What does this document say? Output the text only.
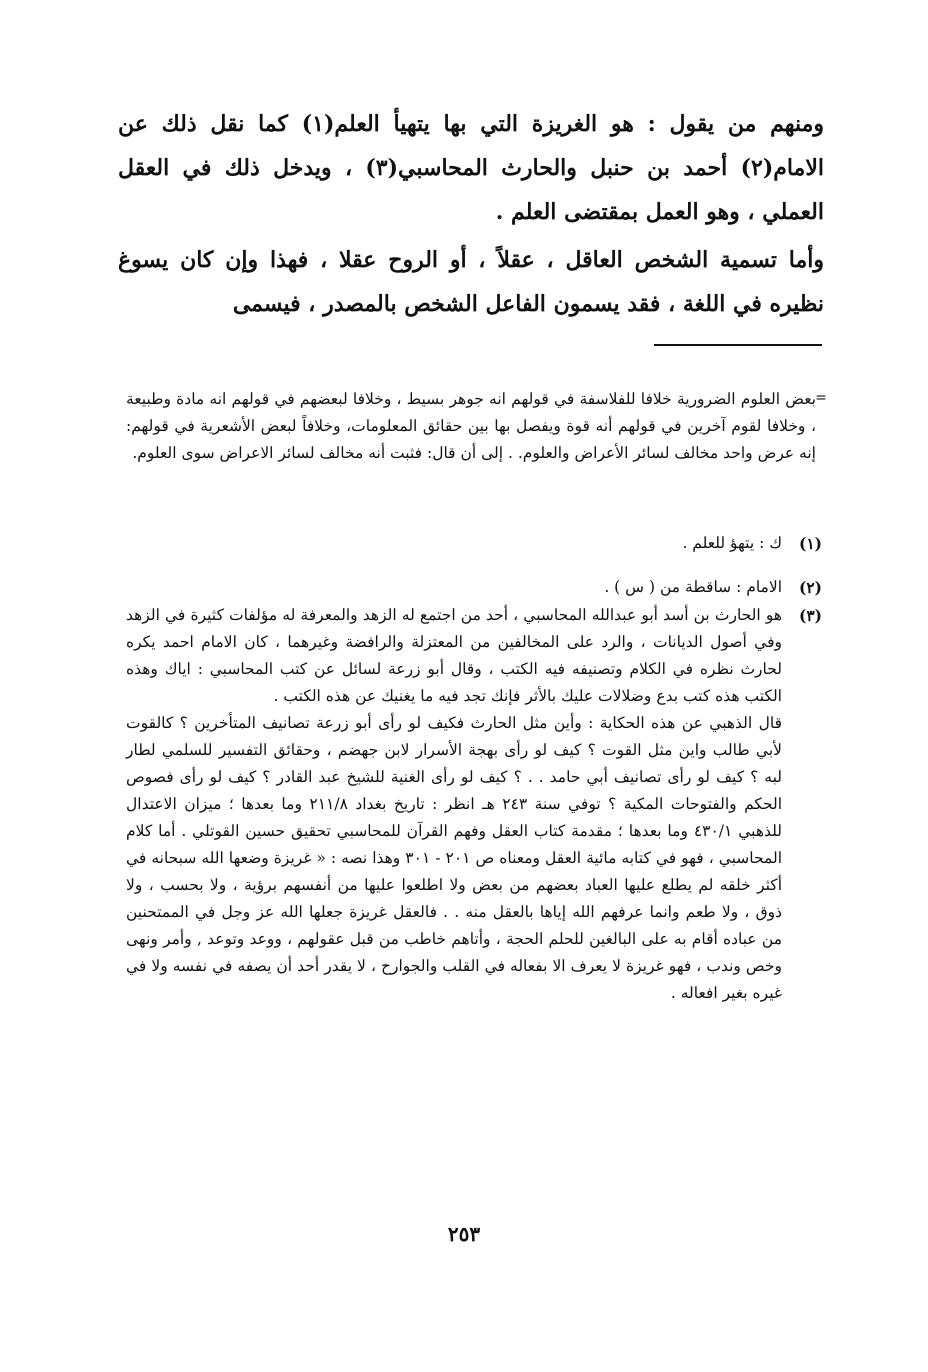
ومنهم من يقول : هو الغريزة التي بها يتهيأ العلم(١) كما نقل ذلك عن الامام(٢) أحمد بن حنبل والحارث المحاسبي(٣) ، ويدخل ذلك في العقل العملي ، وهو العمل بمقتضى العلم .

وأما تسمية الشخص العاقل ، عقلاً ، أو الروح عقلا ، فهذا وإن كان يسوغ نظيره في اللغة ، فقد يسمون الفاعل الشخص بالمصدر ، فيسمى

=
بعض العلوم الضرورية خلافا للفلاسفة في قولهم انه جوهر بسيط ، وخلافا لبعضهم في قولهم انه مادة وطبيعة ، وخلافا لقوم آخرين في قولهم أنه قوة ويفصل بها بين حقائق المعلومات، وخلافاً لبعض الأشعرية في قولهم: إنه عرض واحد مخالف لسائر الأعراض والعلوم. . إلى أن قال: فثبت أنه مخالف لسائر الاعراض سوى العلوم.
(١)

ك : يتهؤ للعلم .

(٢)

الامام : ساقطة من ( س ) .

(٣)

هو الحارث بن أسد أبو عبدالله المحاسبي ، أحد من اجتمع له الزهد والمعرفة له مؤلفات كثيرة في الزهد وفي أصول الديانات ، والرد على المخالفين من المعتزلة والرافضة وغيرهما ، كان الامام احمد يكره لحارث نظره في الكلام وتصنيفه فيه الكتب ، وقال أبو زرعة لسائل عن كتب المحاسبي : اياك وهذه الكتب هذه كتب بدع وضلالات عليك بالأثر فإنك تجد فيه ما يغنيك عن هذه الكتب .

قال الذهبي عن هذه الحكاية : وأين مثل الحارث فكيف لو رأى أبو زرعة تصانيف المتأخرين ؟ كالقوت لأبي طالب واين مثل القوت ؟ كيف لو رأى بهجة الأسرار لابن جهضم ، وحقائق التفسير للسلمي لطار لبه ؟ كيف لو رأى تصانيف أبي حامد . . ؟ كيف لو رأى الغنية للشيخ عبد القادر ؟ كيف لو رأى فصوص الحكم والفتوحات المكية ؟ توفي سنة ٢٤٣ هـ انظر : تاريخ بغداد ٢١١/٨ وما بعدها ؛ ميزان الاعتدال للذهبي ٤٣٠/١ وما بعدها ؛ مقدمة كتاب العقل وفهم القرآن للمحاسبي تحقيق حسين القوتلي . أما كلام المحاسبي ، فهو في كتابه مائية العقل ومعناه ص ٢٠١ - ٣٠١ وهذا نصه : « غريزة وضعها الله سبحانه في أكثر خلقه لم يطلع عليها العباد بعضهم من بعض ولا اطلعوا عليها من أنفسهم برؤية ، ولا بحسب ، ولا ذوق ، ولا طعم وانما عرفهم الله إياها بالعقل منه . . فالعقل غريزة جعلها الله عز وجل في الممتحنين من عباده أقام به على البالغين للحلم الحجة ، وأتاهم خاطب من قبل عقولهم ، ووعد وتوعد , وأمر ونهى وخص وندب ، فهو غريزة لا يعرف الا بفعاله في القلب والجوارح ، لا يقدر أحد أن يصفه في نفسه ولا في غيره بغير افعاله .

٢٥٣
